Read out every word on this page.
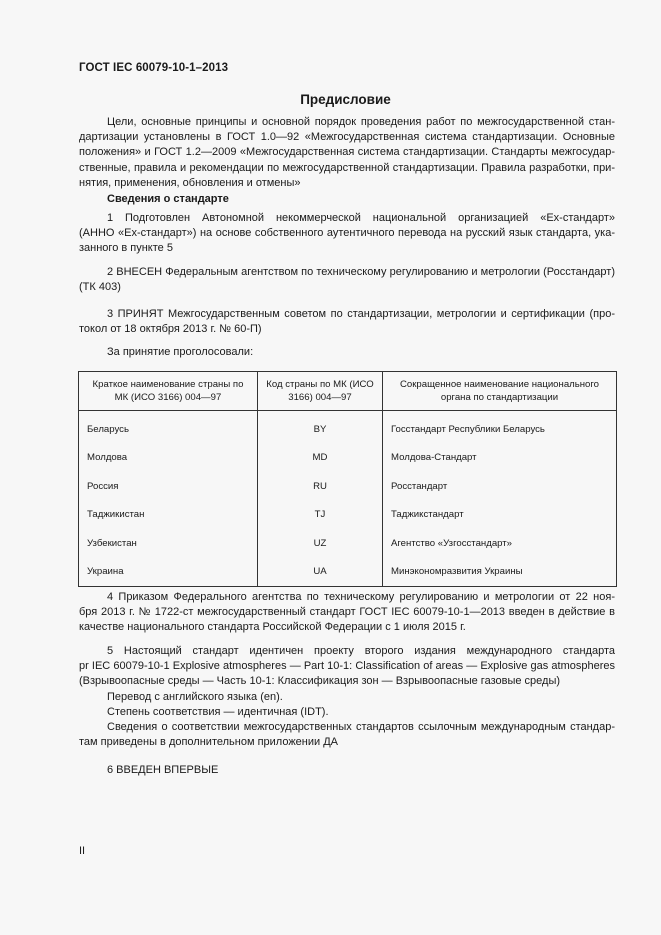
ГОСТ IEC 60079-10-1–2013
Предисловие
Цели, основные принципы и основной порядок проведения работ по межгосударственной стан-
дартизации установлены в ГОСТ 1.0—92 «Межгосударственная система стандартизации. Основные
положения» и ГОСТ 1.2—2009 «Межгосударственная система стандартизации. Стандарты межгосудар-
ственные, правила и рекомендации по межгосударственной стандартизации. Правила разработки, при-
нятия, применения, обновления и отмены»
Сведения о стандарте
1 Подготовлен Автономной некоммерческой национальной организацией «Ех-стандарт»
(АННО «Ех-стандарт») на основе собственного аутентичного перевода на русский язык стандарта, ука-
занного в пункте 5
2 ВНЕСЕН Федеральным агентством по техническому регулированию и метрологии (Росстандарт)
(ТК 403)
3 ПРИНЯТ Межгосударственным советом по стандартизации, метрологии и сертификации (про-
токол от 18 октября 2013 г. № 60-П)
За принятие проголосовали:
Краткое наименование страны по МК (ИСО 3166) 004—97	Код страны по МК (ИСО 3166) 004—97	Сокращенное наименование национального органа по стандартизации
Беларусь	BY	Госстандарт Республики Беларусь
Молдова	MD	Молдова-Стандарт
Россия	RU	Росстандарт
Таджикистан	TJ	Таджикстандарт
Узбекистан	UZ	Агентство «Узгосстандарт»
Украина	UA	Минэкономразвития Украины
4 Приказом Федерального агентства по техническому регулированию и метрологии от 22 ноя-
бря 2013 г. № 1722-ст межгосударственный стандарт ГОСТ IEC 60079-10-1—2013 введен в действие в
качестве национального стандарта Российской Федерации с 1 июля 2015 г.
5 Настоящий стандарт идентичен проекту второго издания международного стандарта
pr IEC 60079-10-1 Explosive atmospheres — Part 10-1: Classification of areas — Explosive gas atmospheres
(Взрывоопасные среды — Часть 10-1: Классификация зон — Взрывоопасные газовые среды)
Перевод с английского языка (en).
Степень соответствия — идентичная (IDT).
Сведения о соответствии межгосударственных стандартов ссылочным международным стандар-
там приведены в дополнительном приложении ДА
6 ВВЕДЕН ВПЕРВЫЕ
II
